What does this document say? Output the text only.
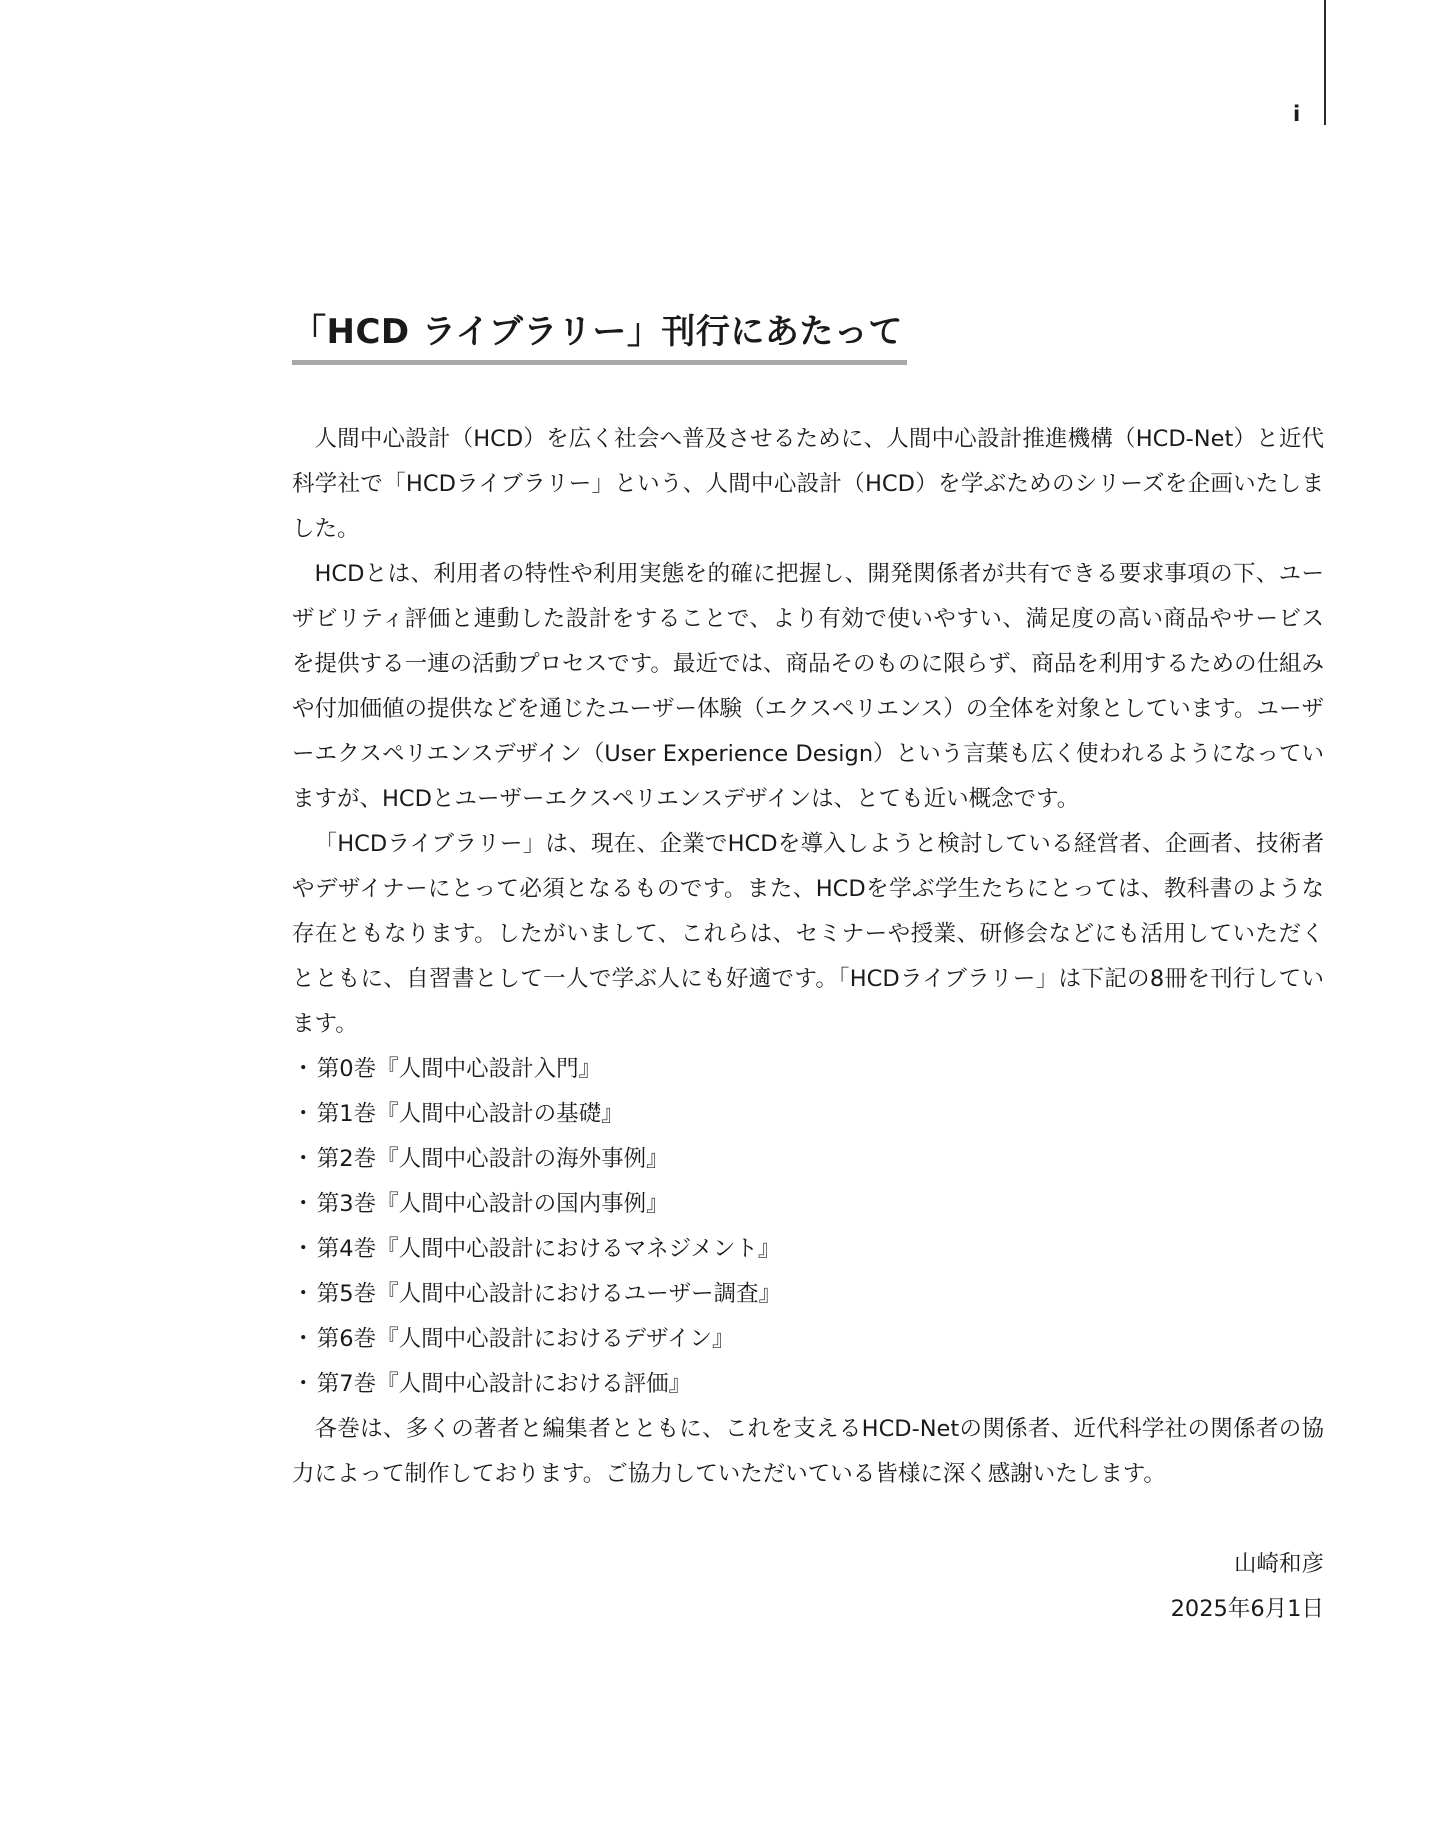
i
「HCD ライブラリー」刊行にあたって

人間中心設計（HCD）を広く社会へ普及させるために、人間中心設計推進機構（HCD-Net）と近代科学社で「HCDライブラリー」という、人間中心設計（HCD）を学ぶためのシリーズを企画いたしました。

HCDとは、利用者の特性や利用実態を的確に把握し、開発関係者が共有できる要求事項の下、ユーザビリティ評価と連動した設計をすることで、より有効で使いやすい、満足度の高い商品やサービスを提供する一連の活動プロセスです。最近では、商品そのものに限らず、商品を利用するための仕組みや付加価値の提供などを通じたユーザー体験（エクスペリエンス）の全体を対象としています。ユーザーエクスペリエンスデザイン（User Experience Design）という言葉も広く使われるようになっていますが、HCDとユーザーエクスペリエンスデザインは、とても近い概念です。

「HCDライブラリー」は、現在、企業でHCDを導入しようと検討している経営者、企画者、技術者やデザイナーにとって必須となるものです。また、HCDを学ぶ学生たちにとっては、教科書のような存在ともなります。したがいまして、これらは、セミナーや授業、研修会などにも活用していただくとともに、自習書として一人で学ぶ人にも好適です。「HCDライブラリー」は下記の8冊を刊行しています。

・第0巻『人間中心設計入門』
・第1巻『人間中心設計の基礎』
・第2巻『人間中心設計の海外事例』
・第3巻『人間中心設計の国内事例』
・第4巻『人間中心設計におけるマネジメント』
・第5巻『人間中心設計におけるユーザー調査』
・第6巻『人間中心設計におけるデザイン』
・第7巻『人間中心設計における評価』

各巻は、多くの著者と編集者とともに、これを支えるHCD-Netの関係者、近代科学社の関係者の協力によって制作しております。ご協力していただいている皆様に深く感謝いたします。

山崎和彦
2025年6月1日
